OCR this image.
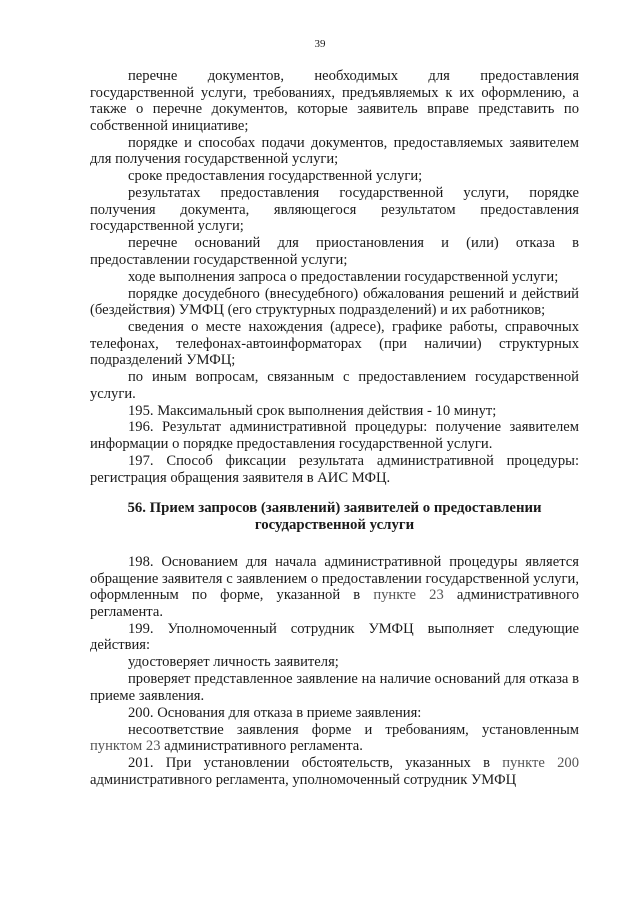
39

перечне документов, необходимых для предоставления государственной услуги, требованиях, предъявляемых к их оформлению, а также о перечне документов, которые заявитель вправе представить по собственной инициативе;

порядке и способах подачи документов, предоставляемых заявителем для получения государственной услуги;

сроке предоставления государственной услуги;

результатах предоставления государственной услуги, порядке получения документа, являющегося результатом предоставления государственной услуги;

перечне оснований для приостановления и (или) отказа в предоставлении государственной услуги;

ходе выполнения запроса о предоставлении государственной услуги;

порядке досудебного (внесудебного) обжалования решений и действий (бездействия) УМФЦ (его структурных подразделений) и их работников;

сведения о месте нахождения (адресе), графике работы, справочных телефонах, телефонах-автоинформаторах (при наличии) структурных подразделений УМФЦ;

по иным вопросам, связанным с предоставлением государственной услуги.

195. Максимальный срок выполнения действия - 10 минут;

196. Результат административной процедуры: получение заявителем информации о порядке предоставления государственной услуги.

197. Способ фиксации результата административной процедуры: регистрация обращения заявителя в АИС МФЦ.

56. Прием запросов (заявлений) заявителей о предоставлении государственной услуги

198. Основанием для начала административной процедуры является обращение заявителя с заявлением о предоставлении государственной услуги, оформленным по форме, указанной в пункте 23 административного регламента.

199. Уполномоченный сотрудник УМФЦ выполняет следующие действия:

удостоверяет личность заявителя;

проверяет представленное заявление на наличие оснований для отказа в приеме заявления.

200. Основания для отказа в приеме заявления:

несоответствие заявления форме и требованиям, установленным пунктом 23 административного регламента.

201. При установлении обстоятельств, указанных в пункте 200 административного регламента, уполномоченный сотрудник УМФЦ
